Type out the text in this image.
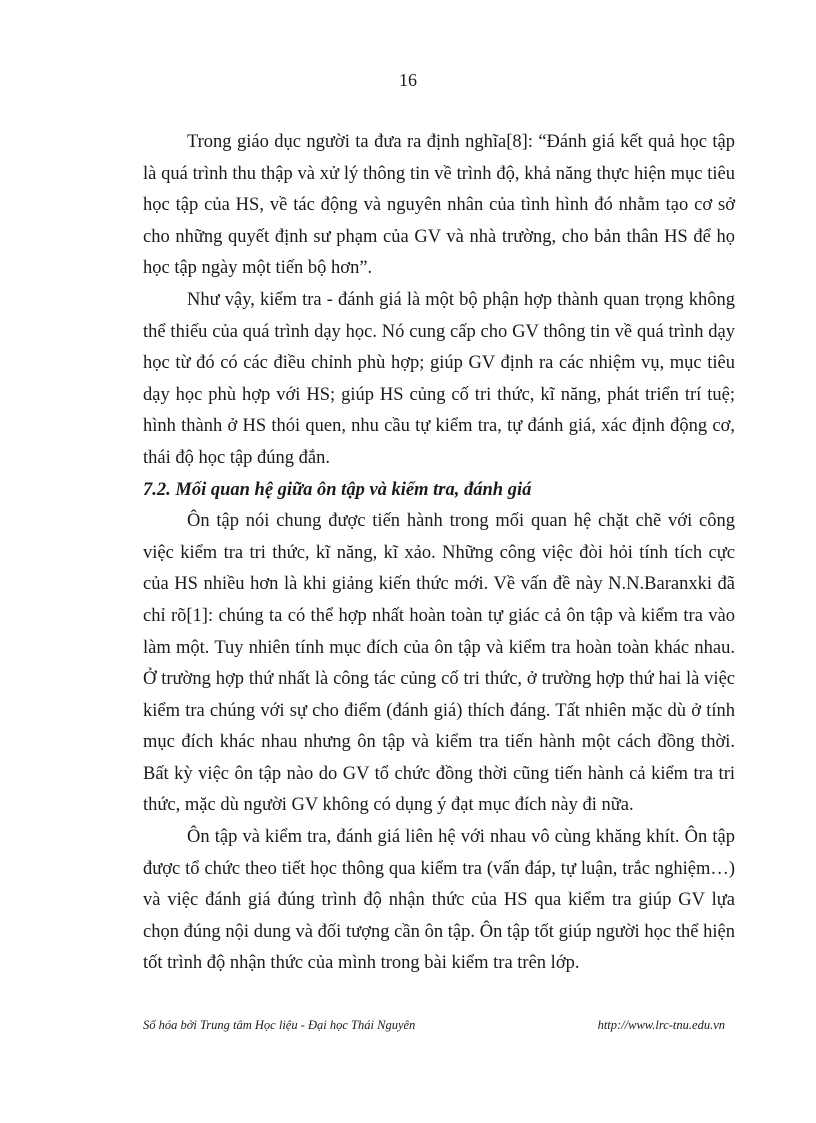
16

Trong giáo dục người ta đưa ra định nghĩa[8]: “Đánh giá kết quả học tập là quá trình thu thập và xử lý thông tin về trình độ, khả năng thực hiện mục tiêu học tập của HS, về tác động và nguyên nhân của tình hình đó nhằm tạo cơ sở cho những quyết định sư phạm của GV và nhà trường, cho bản thân HS để họ học tập ngày một tiến bộ hơn”.

Như vậy, kiểm tra - đánh giá là một bộ phận hợp thành quan trọng không thể thiếu của quá trình dạy học. Nó cung cấp cho GV thông tin về quá trình dạy học từ đó có các điều chỉnh phù hợp; giúp GV định ra các nhiệm vụ, mục tiêu dạy học phù hợp với HS; giúp HS củng cố tri thức, kĩ năng, phát triển trí tuệ; hình thành ở HS thói quen, nhu cầu tự kiểm tra, tự đánh giá, xác định động cơ, thái độ học tập đúng đắn.

7.2. Mối quan hệ giữa ôn tập và kiểm tra, đánh giá

Ôn tập nói chung được tiến hành trong mối quan hệ chặt chẽ với công việc kiểm tra tri thức, kĩ năng, kĩ xảo. Những công việc đòi hỏi tính tích cực của HS nhiều hơn là khi giảng kiến thức mới. Về vấn đề này N.N.Baranxki đã chỉ rõ[1]: chúng ta có thể hợp nhất hoàn toàn tự giác cả ôn tập và kiểm tra vào làm một. Tuy nhiên tính mục đích của ôn tập và kiểm tra hoàn toàn khác nhau. Ở trường hợp thứ nhất là công tác củng cố tri thức, ở trường hợp thứ hai là việc kiểm tra chúng với sự cho điểm (đánh giá) thích đáng. Tất nhiên mặc dù ở tính mục đích khác nhau nhưng ôn tập và kiểm tra tiến hành một cách đồng thời. Bất kỳ việc ôn tập nào do GV tổ chức đồng thời cũng tiến hành cả kiểm tra tri thức, mặc dù người GV không có dụng ý đạt mục đích này đi nữa.

Ôn tập và kiểm tra, đánh giá liên hệ với nhau vô cùng khăng khít. Ôn tập được tổ chức theo tiết học thông qua kiểm tra (vấn đáp, tự luận, trắc nghiệm…) và việc đánh giá đúng trình độ nhận thức của HS qua kiểm tra giúp GV lựa chọn đúng nội dung và đối tượng cần ôn tập. Ôn tập tốt giúp người học thể hiện tốt trình độ nhận thức của mình trong bài kiểm tra trên lớp.

Số hóa bởi Trung tâm Học liệu - Đại học Thái Nguyên	http://www.lrc-tnu.edu.vn
